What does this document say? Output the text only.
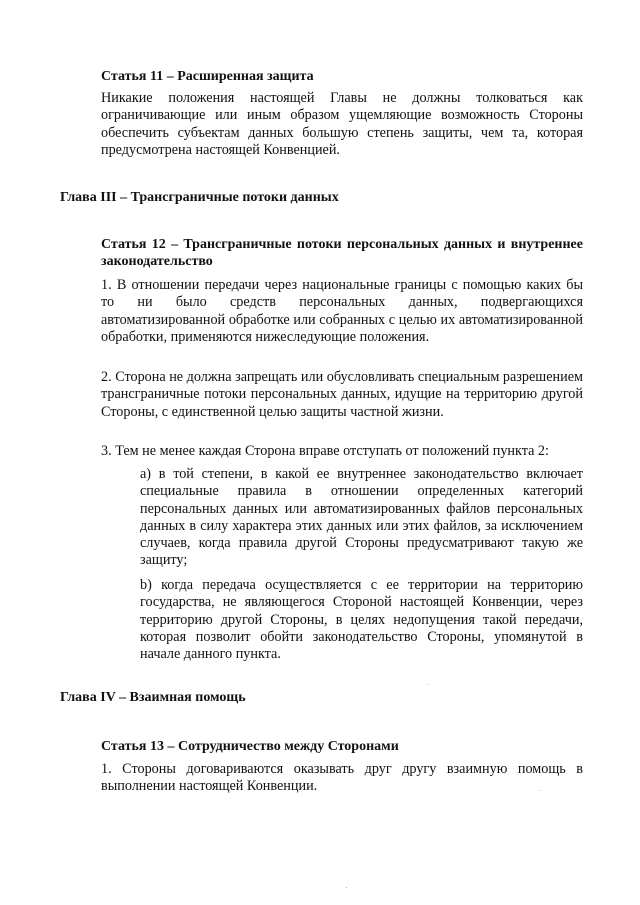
Статья 11 – Расширенная защита
Никакие положения настоящей Главы не должны толковаться как ограничивающие или иным образом ущемляющие возможность Стороны обеспечить субъектам данных большую степень защиты, чем та, которая предусмотрена настоящей Конвенцией.
Глава III – Трансграничные потоки данных
Статья 12 – Трансграничные потоки персональных данных и внутреннее законодательство
1. В отношении передачи через национальные границы с помощью каких бы то ни было средств персональных данных, подвергающихся автоматизированной обработке или собранных с целью их автоматизированной обработки, применяются нижеследующие положения.
2. Сторона не должна запрещать или обусловливать специальным разрешением трансграничные потоки персональных данных, идущие на территорию другой Стороны, с единственной целью защиты частной жизни.
3. Тем не менее каждая Сторона вправе отступать от положений пункта 2:
a) в той степени, в какой ее внутреннее законодательство включает специальные правила в отношении определенных категорий персональных данных или автоматизированных файлов персональных данных в силу характера этих данных или этих файлов, за исключением случаев, когда правила другой Стороны предусматривают такую же защиту;
b) когда передача осуществляется с ее территории на территорию государства, не являющегося Стороной настоящей Конвенции, через территорию другой Стороны, в целях недопущения такой передачи, которая позволит обойти законодательство Стороны, упомянутой в начале данного пункта.
Глава IV – Взаимная помощь
Статья 13 – Сотрудничество между Сторонами
1. Стороны договариваются оказывать друг другу взаимную помощь в выполнении настоящей Конвенции.
